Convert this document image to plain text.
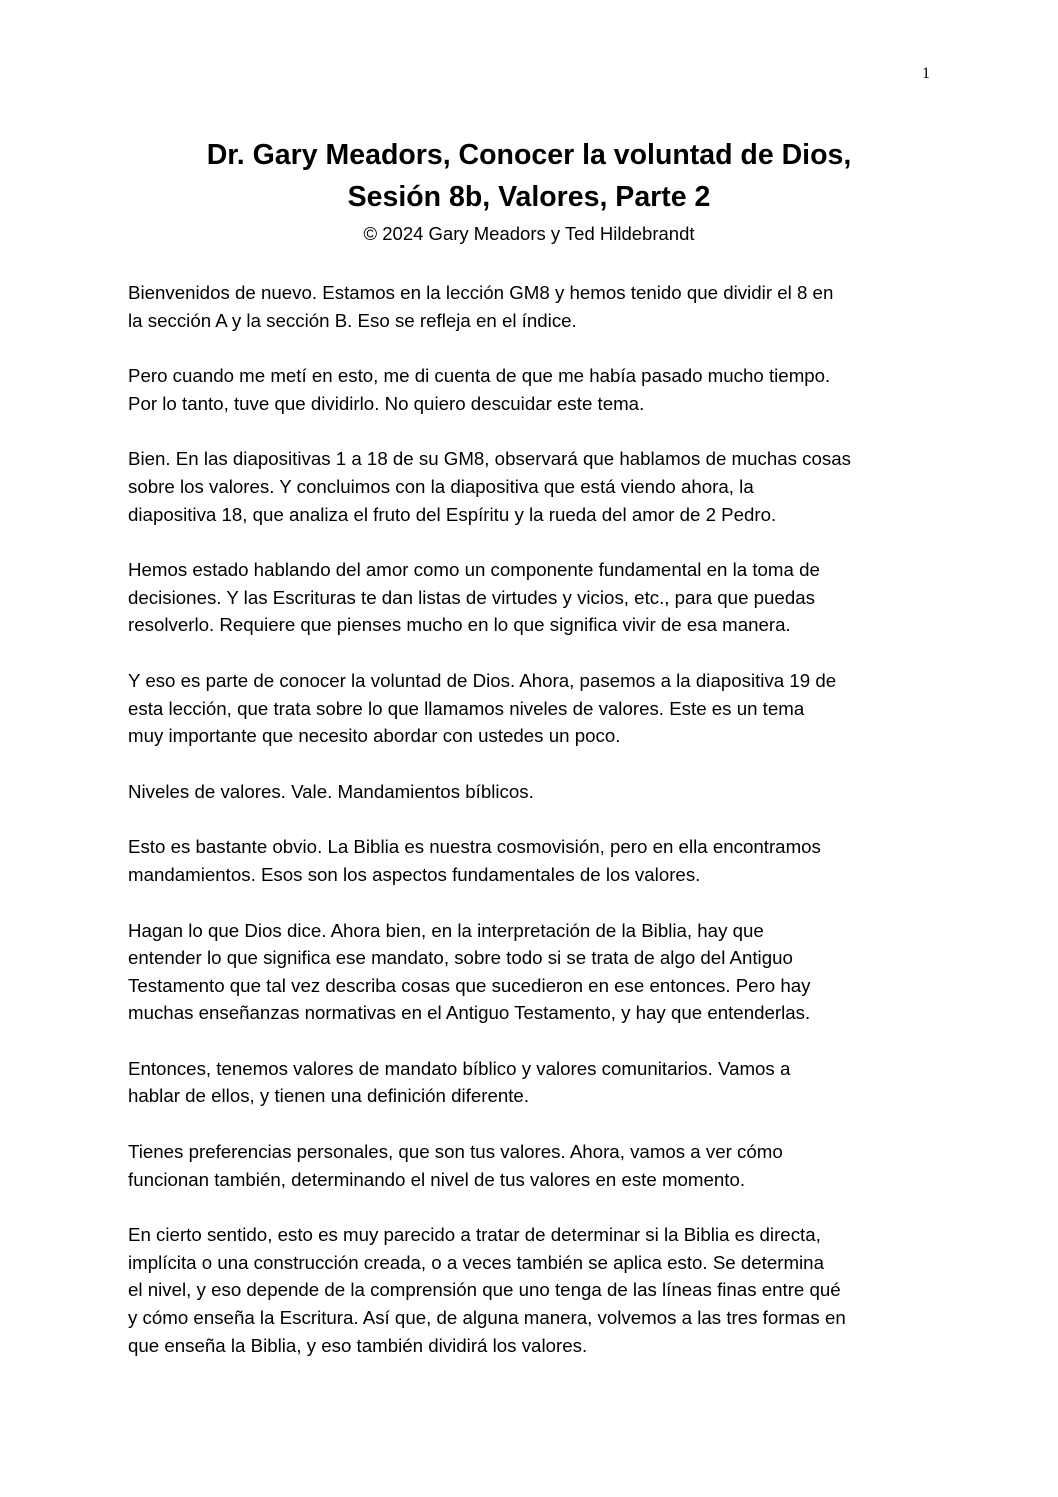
1
Dr. Gary Meadors, Conocer la voluntad de Dios,
Sesión 8b, Valores, Parte 2
© 2024 Gary Meadors y Ted Hildebrandt

Bienvenidos de nuevo. Estamos en la lección GM8 y hemos tenido que dividir el 8 en
la sección A y la sección B. Eso se refleja en el índice.

Pero cuando me metí en esto, me di cuenta de que me había pasado mucho tiempo.
Por lo tanto, tuve que dividirlo. No quiero descuidar este tema.

Bien. En las diapositivas 1 a 18 de su GM8, observará que hablamos de muchas cosas
sobre los valores. Y concluimos con la diapositiva que está viendo ahora, la
diapositiva 18, que analiza el fruto del Espíritu y la rueda del amor de 2 Pedro.

Hemos estado hablando del amor como un componente fundamental en la toma de
decisiones. Y las Escrituras te dan listas de virtudes y vicios, etc., para que puedas
resolverlo. Requiere que pienses mucho en lo que significa vivir de esa manera.

Y eso es parte de conocer la voluntad de Dios. Ahora, pasemos a la diapositiva 19 de
esta lección, que trata sobre lo que llamamos niveles de valores. Este es un tema
muy importante que necesito abordar con ustedes un poco.

Niveles de valores. Vale. Mandamientos bíblicos.

Esto es bastante obvio. La Biblia es nuestra cosmovisión, pero en ella encontramos
mandamientos. Esos son los aspectos fundamentales de los valores.

Hagan lo que Dios dice. Ahora bien, en la interpretación de la Biblia, hay que
entender lo que significa ese mandato, sobre todo si se trata de algo del Antiguo
Testamento que tal vez describa cosas que sucedieron en ese entonces. Pero hay
muchas enseñanzas normativas en el Antiguo Testamento, y hay que entenderlas.

Entonces, tenemos valores de mandato bíblico y valores comunitarios. Vamos a
hablar de ellos, y tienen una definición diferente.

Tienes preferencias personales, que son tus valores. Ahora, vamos a ver cómo
funcionan también, determinando el nivel de tus valores en este momento.

En cierto sentido, esto es muy parecido a tratar de determinar si la Biblia es directa,
implícita o una construcción creada, o a veces también se aplica esto. Se determina
el nivel, y eso depende de la comprensión que uno tenga de las líneas finas entre qué
y cómo enseña la Escritura. Así que, de alguna manera, volvemos a las tres formas en
que enseña la Biblia, y eso también dividirá los valores.
